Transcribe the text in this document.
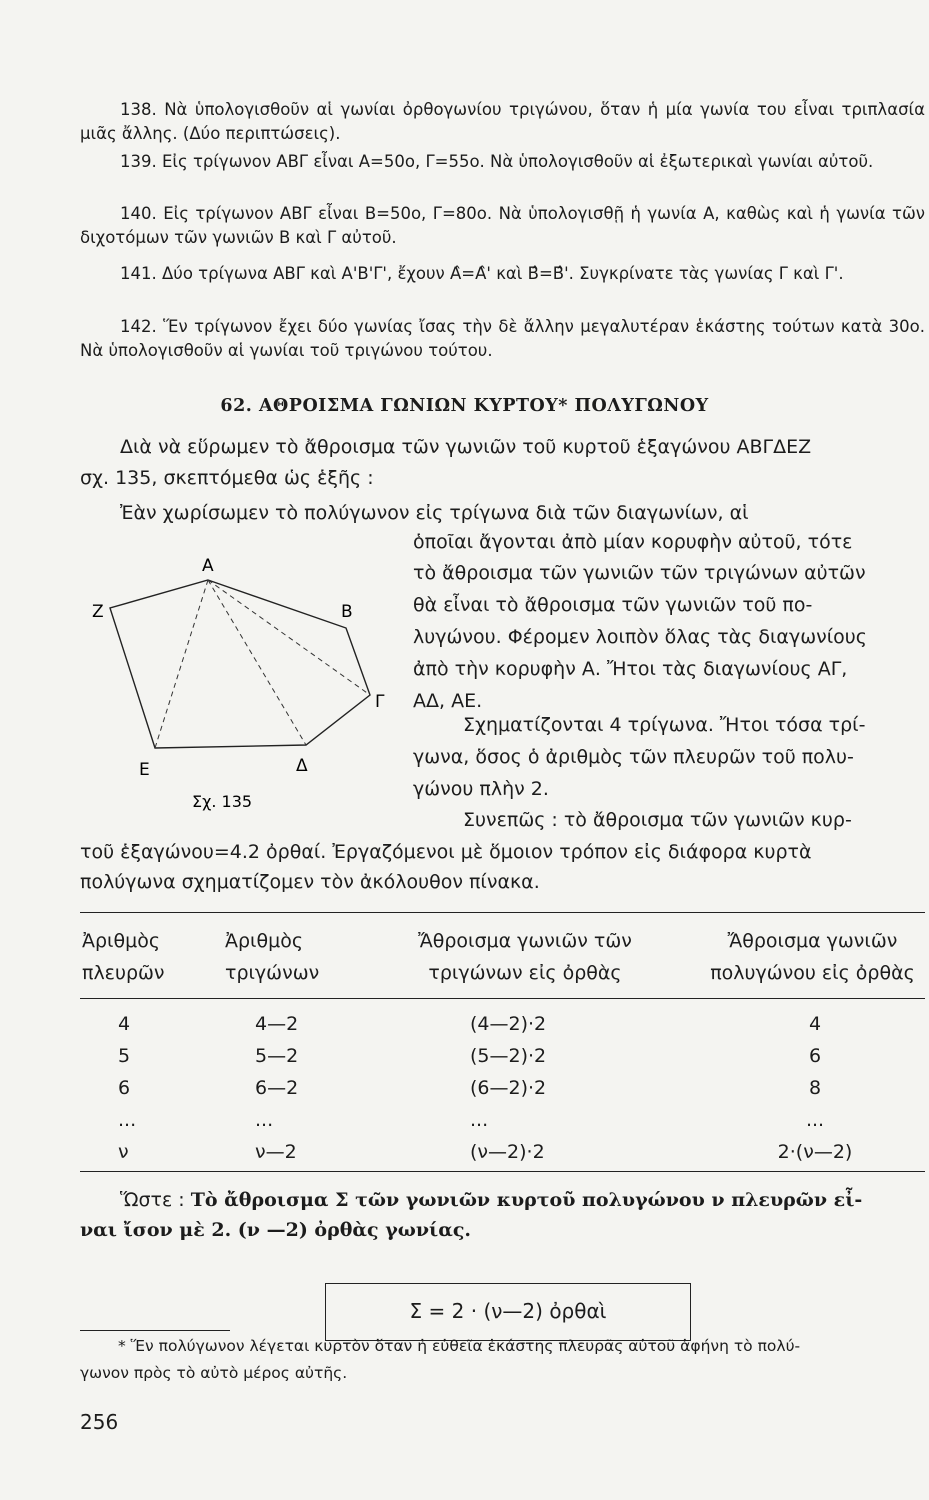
138. Νὰ ὑπολογισθοῦν αἱ γωνίαι ὀρθογωνίου τριγώνου, ὅταν ἡ μία γωνία του εἶναι τριπλασία μιᾶς ἄλλης. (Δύο περιπτώσεις).

139. Εἰς τρίγωνον ΑΒΓ εἶναι Α=50ο, Γ=55ο. Νὰ ὑπολογισθοῦν αἱ ἐξωτερικαὶ γωνίαι αὐτοῦ.

140. Εἰς τρίγωνον ΑΒΓ εἶναι Β=50ο, Γ=80ο. Νὰ ὑπολογισθῇ ἡ γωνία Α, καθὼς καὶ ἡ γωνία τῶν διχοτόμων τῶν γωνιῶν Β καὶ Γ αὐτοῦ.

141. Δύο τρίγωνα ΑΒΓ καὶ Α'Β'Γ', ἔχουν Α̂=Α̂' καὶ Β̂=Β̂'. Συγκρίνατε τὰς γωνίας Γ καὶ Γ'.

142. Ἕν τρίγωνον ἔχει δύο γωνίας ἴσας τὴν δὲ ἄλλην μεγαλυτέραν ἑκάστης τούτων κατὰ 30ο. Νὰ ὑπολογισθοῦν αἱ γωνίαι τοῦ τριγώνου τούτου.

62. ΑΘΡΟΙΣΜΑ ΓΩΝΙΩΝ ΚΥΡΤΟΥ* ΠΟΛΥΓΩΝΟΥ
Διὰ νὰ εὕρωμεν τὸ ἄθροισμα τῶν γωνιῶν τοῦ κυρτοῦ ἑξαγώνου ΑΒΓΔΕΖ
σχ. 135, σκεπτόμεθα ὡς ἑξῆς :
Ἐὰν χωρίσωμεν τὸ πολύγωνον εἰς τρίγωνα διὰ τῶν διαγωνίων, αἱ
ὁποῖαι ἄγονται ἀπὸ μίαν κορυφὴν αὐτοῦ, τότε
τὸ ἄθροισμα τῶν γωνιῶν τῶν τριγώνων αὐτῶν
θὰ εἶναι τὸ ἄθροισμα τῶν γωνιῶν τοῦ πο-
λυγώνου. Φέρομεν λοιπὸν ὅλας τὰς διαγωνίους
ἀπὸ τὴν κορυφὴν Α. Ἤτοι τὰς διαγωνίους ΑΓ,
ΑΔ, ΑΕ.
Σχηματίζονται 4 τρίγωνα. Ἤτοι τόσα τρί-
γωνα, ὅσος ὁ ἀριθμὸς τῶν πλευρῶν τοῦ πολυ-
γώνου πλὴν 2.
Συνεπῶς : τὸ ἄθροισμα τῶν γωνιῶν κυρ-
Α
Β
Γ
Δ
Ε
Ζ
Σχ. 135
τοῦ ἑξαγώνου=4.2 ὀρθαί. Ἐργαζόμενοι μὲ ὅμοιον τρόπον εἰς διάφορα κυρτὰ
πολύγωνα σχηματίζομεν τὸν ἀκόλουθον πίνακα.
Ἀριθμὸς
πλευρῶν
Ἀριθμὸς
τριγώνων
Ἄθροισμα γωνιῶν τῶν
τριγώνων εἰς ὀρθὰς
Ἄθροισμα γωνιῶν
πολυγώνου εἰς ὀρθὰς
4
5
6
...
ν
4—2
5—2
6—2
...
ν—2
(4—2)·2
(5—2)·2
(6—2)·2
...
(ν—2)·2
4
6
8
...
2·(ν—2)
Ὥστε : Τὸ ἄθροισμα Σ τῶν γωνιῶν κυρτοῦ πολυγώνου ν πλευρῶν εἶ-
ναι ἴσον μὲ 2. (ν —2) ὀρθὰς γωνίας.
Σ = 2 · (ν—2) ὀρθαὶ
* Ἕν πολύγωνον λέγεται κυρτὸν ὅταν ἡ εὐθεῖα ἑκάστης πλευρᾶς αὐτοῦ ἀφήνη τὸ πολύ-
γωνον πρὸς τὸ αὐτὸ μέρος αὐτῆς.
256
